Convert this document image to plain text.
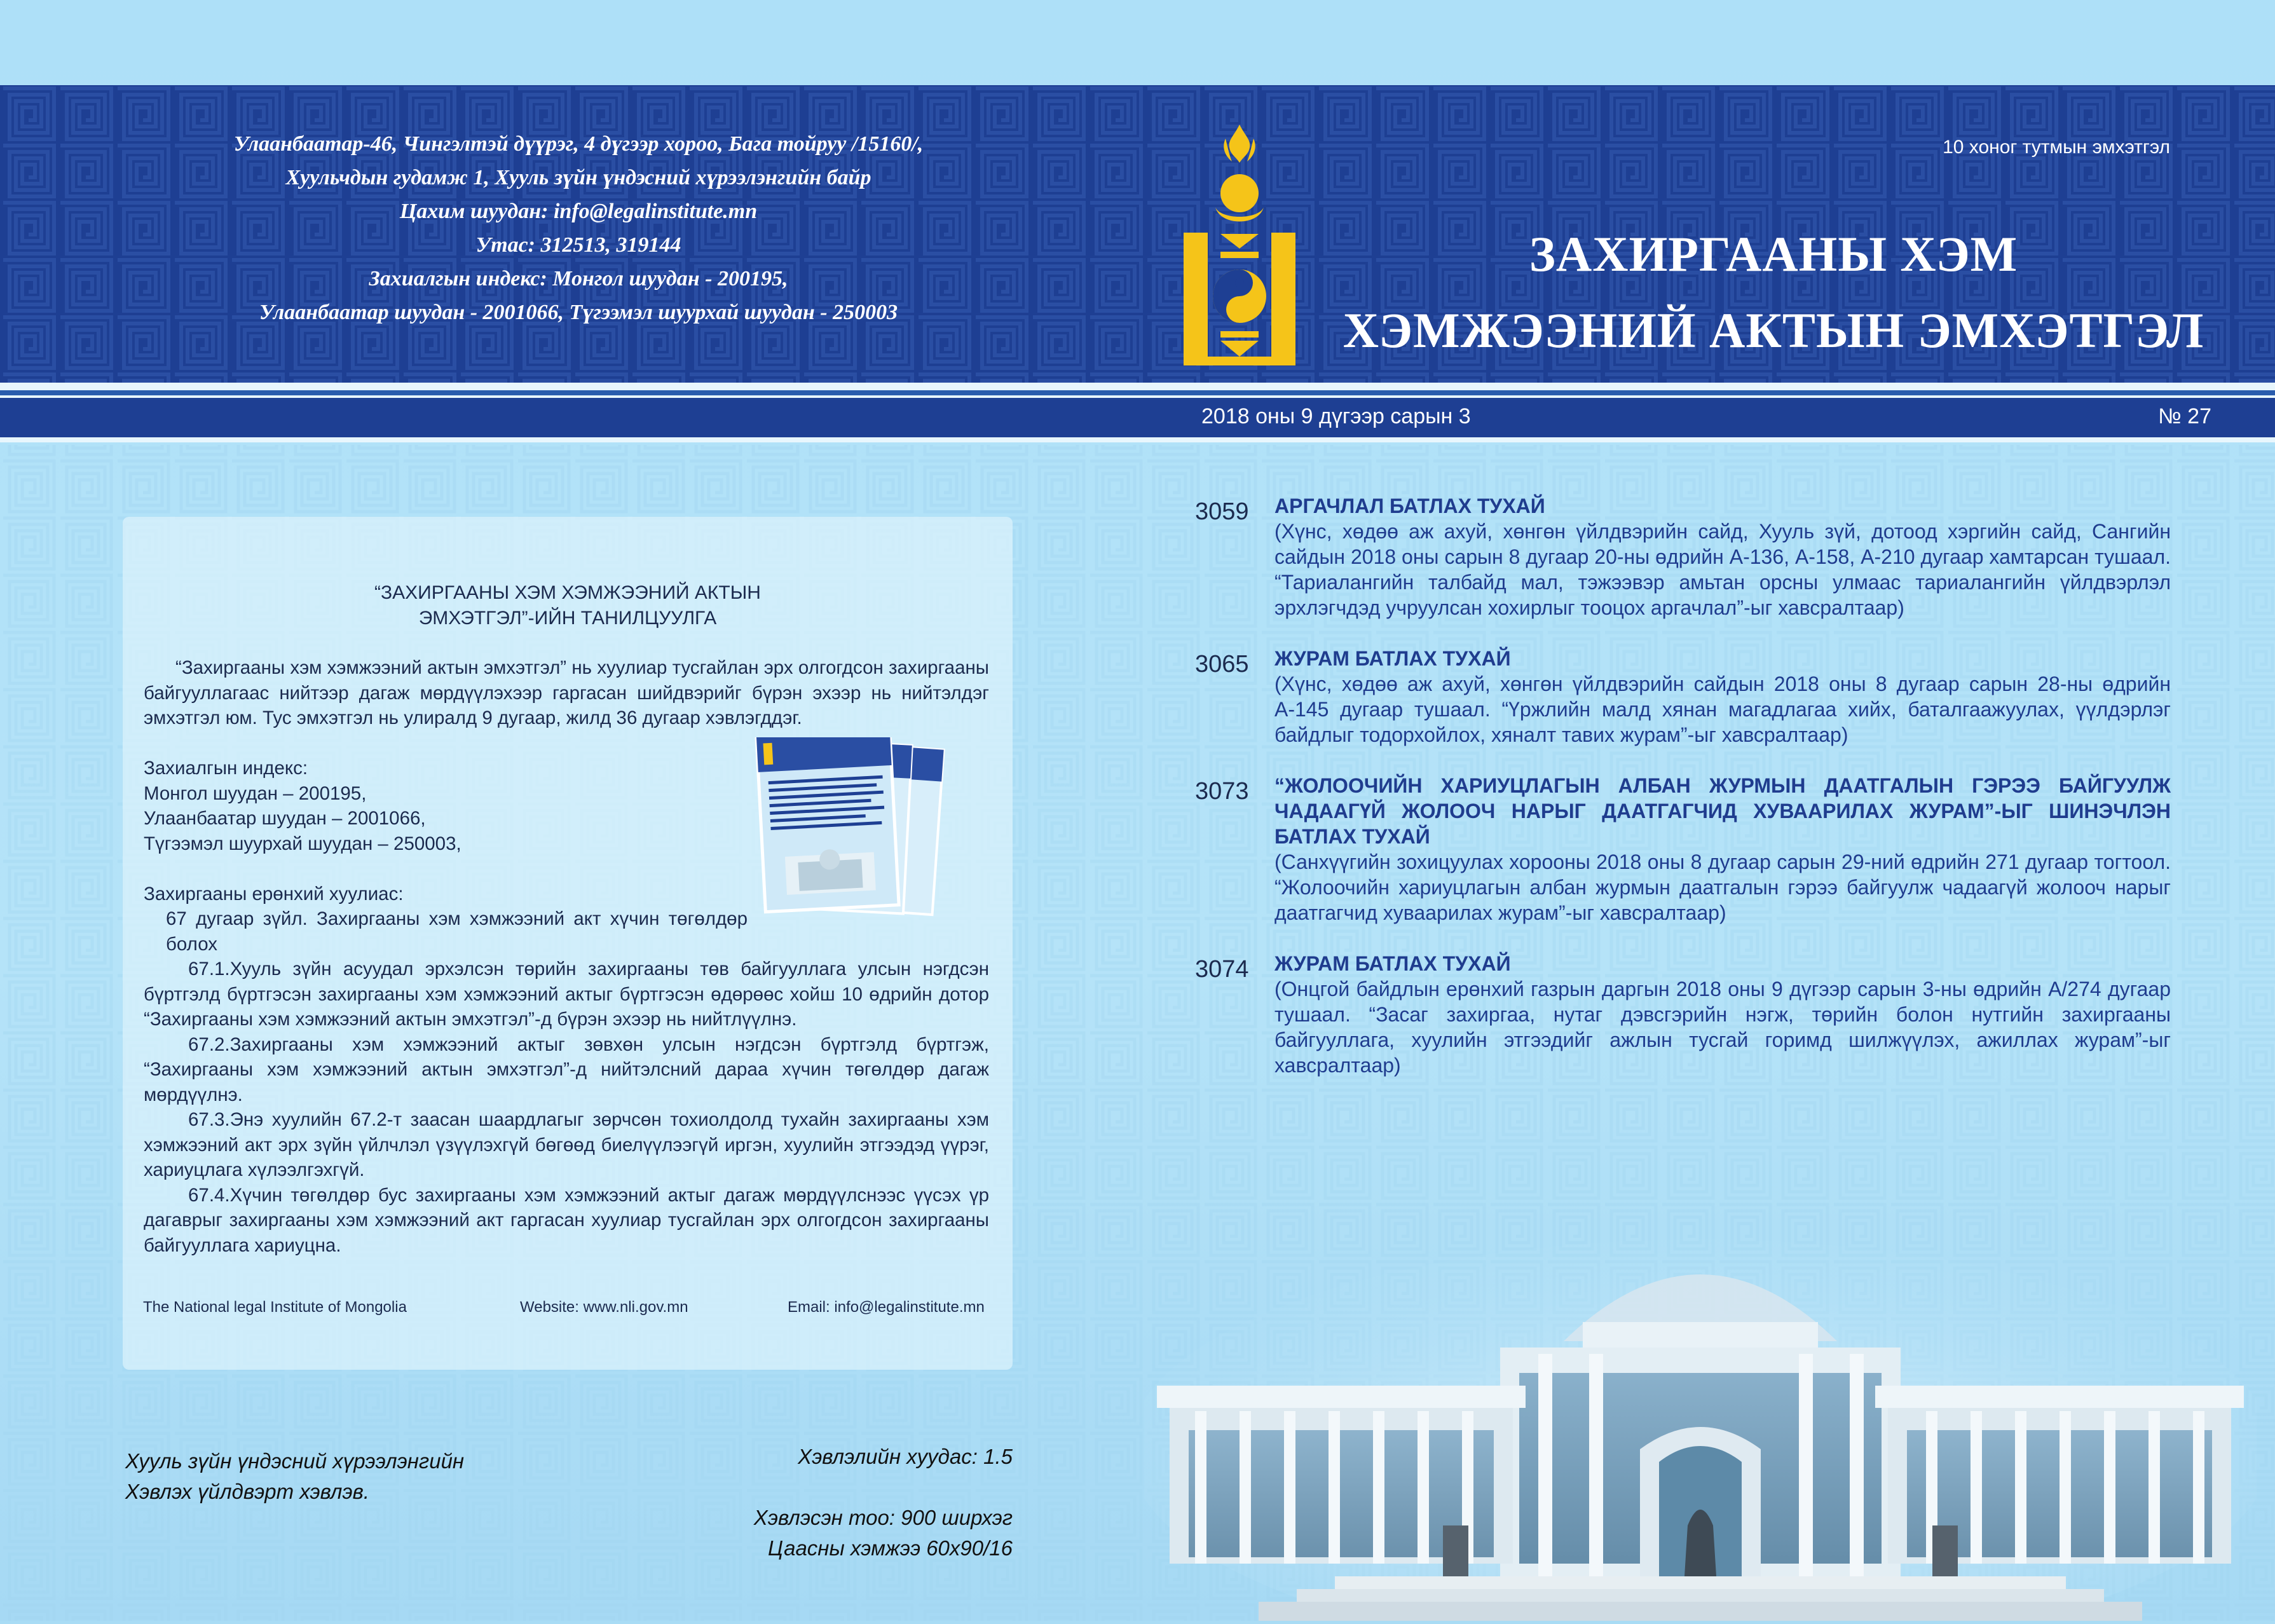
Улаанбаатар-46, Чингэлтэй дүүрэг, 4 дүгээр хороо, Бага тойруу /15160/,
Хуульчдын гудамж 1, Хууль зүйн үндэсний хүрээлэнгийн байр
Цахим шуудан: info@legalinstitute.mn
Утас: 312513, 319144
Захиалгын индекс: Монгол шуудан - 200195,
Улаанбаатар шуудан - 2001066, Түгээмэл шуурхай шуудан - 250003
10 хоног тутмын эмхэтгэл
ЗАХИРГААНЫ ХЭМ
ХЭМЖЭЭНИЙ АКТЫН ЭМХЭТГЭЛ
2018 оны 9 дүгээр сарын 3	№ 27
“ЗАХИРГААНЫ ХЭМ ХЭМЖЭЭНИЙ АКТЫН
ЭМХЭТГЭЛ”-ИЙН ТАНИЛЦУУЛГА

“Захиргааны хэм хэмжээний актын эмхэтгэл” нь хуулиар тусгайлан эрх олгогдсон захиргааны байгууллагаас нийтээр дагаж мөрдүүлэхээр гаргасан шийдвэрийг бүрэн эхээр нь нийтэлдэг эмхэтгэл юм. Тус эмхэтгэл нь улиралд 9 дугаар, жилд 36 дугаар хэвлэгддэг.

Захиалгын индекс:

Монгол шуудан – 200195,

Улаанбаатар шуудан – 2001066,

Түгээмэл шуурхай шуудан – 250003,

Захиргааны ерөнхий хуулиас:

67 дугаар зүйл. Захиргааны хэм хэмжээний акт хүчин төгөлдөр болох

67.1.Хууль зүйн асуудал эрхэлсэн төрийн захиргааны төв байгууллага улсын нэгдсэн бүртгэлд бүртгэсэн захиргааны хэм хэмжээний актыг бүртгэсэн өдөрөөс хойш 10 өдрийн дотор “Захиргааны хэм хэмжээний актын эмхэтгэл”-д бүрэн эхээр нь нийтлүүлнэ.

67.2.Захиргааны хэм хэмжээний актыг зөвхөн улсын нэгдсэн бүртгэлд бүртгэж, “Захиргааны хэм хэмжээний актын эмхэтгэл”-д нийтэлсний дараа хүчин төгөлдөр дагаж мөрдүүлнэ.

67.3.Энэ хуулийн 67.2-т заасан шаардлагыг зөрчсөн тохиолдолд тухайн захиргааны хэм хэмжээний акт эрх зүйн үйлчлэл үзүүлэхгүй бөгөөд биелүүлээгүй иргэн, хуулийн этгээдэд үүрэг, хариуцлага хүлээлгэхгүй.

67.4.Хүчин төгөлдөр бус захиргааны хэм хэмжээний актыг дагаж мөрдүүлснээс үүсэх үр дагаврыг захиргааны хэм хэмжээний акт гаргасан хуулиар тусгайлан эрх олгогдсон захиргааны байгууллага хариуцна.

The National legal Institute of Mongolia	Website: www.nli.gov.mn	Email: info@legalinstitute.mn
Хууль зүйн үндэсний хүрээлэнгийн
Хэвлэх үйлдвэрт хэвлэв.
Хэвлэлийн хуудас: 1.5
Хэвлэсэн тоо: 900 ширхэг
Цаасны хэмжээ 60х90/16
3059 АРГАЧЛАЛ БАТЛАХ ТУХАЙ
(Хүнс, хөдөө аж ахуй, хөнгөн үйлдвэрийн сайд, Хууль зүй, дотоод хэргийн сайд, Сангийн сайдын 2018 оны сарын 8 дугаар 20-ны өдрийн А-136, А-158, А-210 дугаар хамтарсан тушаал. “Тариалангийн талбайд мал, тэжээвэр амьтан орсны улмаас тариалангийн үйлдвэрлэл эрхлэгчдэд учруулсан хохирлыг тооцох аргачлал”-ыг хавсралтаар)
3065 ЖУРАМ БАТЛАХ ТУХАЙ
(Хүнс, хөдөө аж ахуй, хөнгөн үйлдвэрийн сайдын 2018 оны 8 дугаар сарын 28-ны өдрийн А-145 дугаар тушаал. “Үржлийн малд хянан магадлагаа хийх, баталгаажуулах, үүлдэрлэг байдлыг тодорхойлох, хяналт тавих журам”-ыг хавсралтаар)
3073 “ЖОЛООЧИЙН ХАРИУЦЛАГЫН АЛБАН ЖУРМЫН ДААТГАЛЫН ГЭРЭЭ БАЙГУУЛЖ ЧАДААГҮЙ ЖОЛООЧ НАРЫГ ДААТГАГЧИД ХУВААРИЛАХ ЖУРАМ”-ЫГ ШИНЭЧЛЭН БАТЛАХ ТУХАЙ
(Санхүүгийн зохицуулах хорооны 2018 оны 8 дугаар сарын 29-ний өдрийн 271 дугаар тогтоол. “Жолоочийн хариуцлагын албан журмын даатгалын гэрээ байгуулж чадаагүй жолооч нарыг даатгагчид хуваарилах журам”-ыг хавсралтаар)
3074 ЖУРАМ БАТЛАХ ТУХАЙ
(Онцгой байдлын ерөнхий газрын даргын 2018 оны 9 дүгээр сарын 3-ны өдрийн А/274 дугаар тушаал. “Засаг захиргаа, нутаг дэвсгэрийн нэгж, төрийн болон нутгийн захиргааны байгууллага, хуулийн этгээдийг ажлын тусгай горимд шилжүүлэх, ажиллах журам”-ыг хавсралтаар)
